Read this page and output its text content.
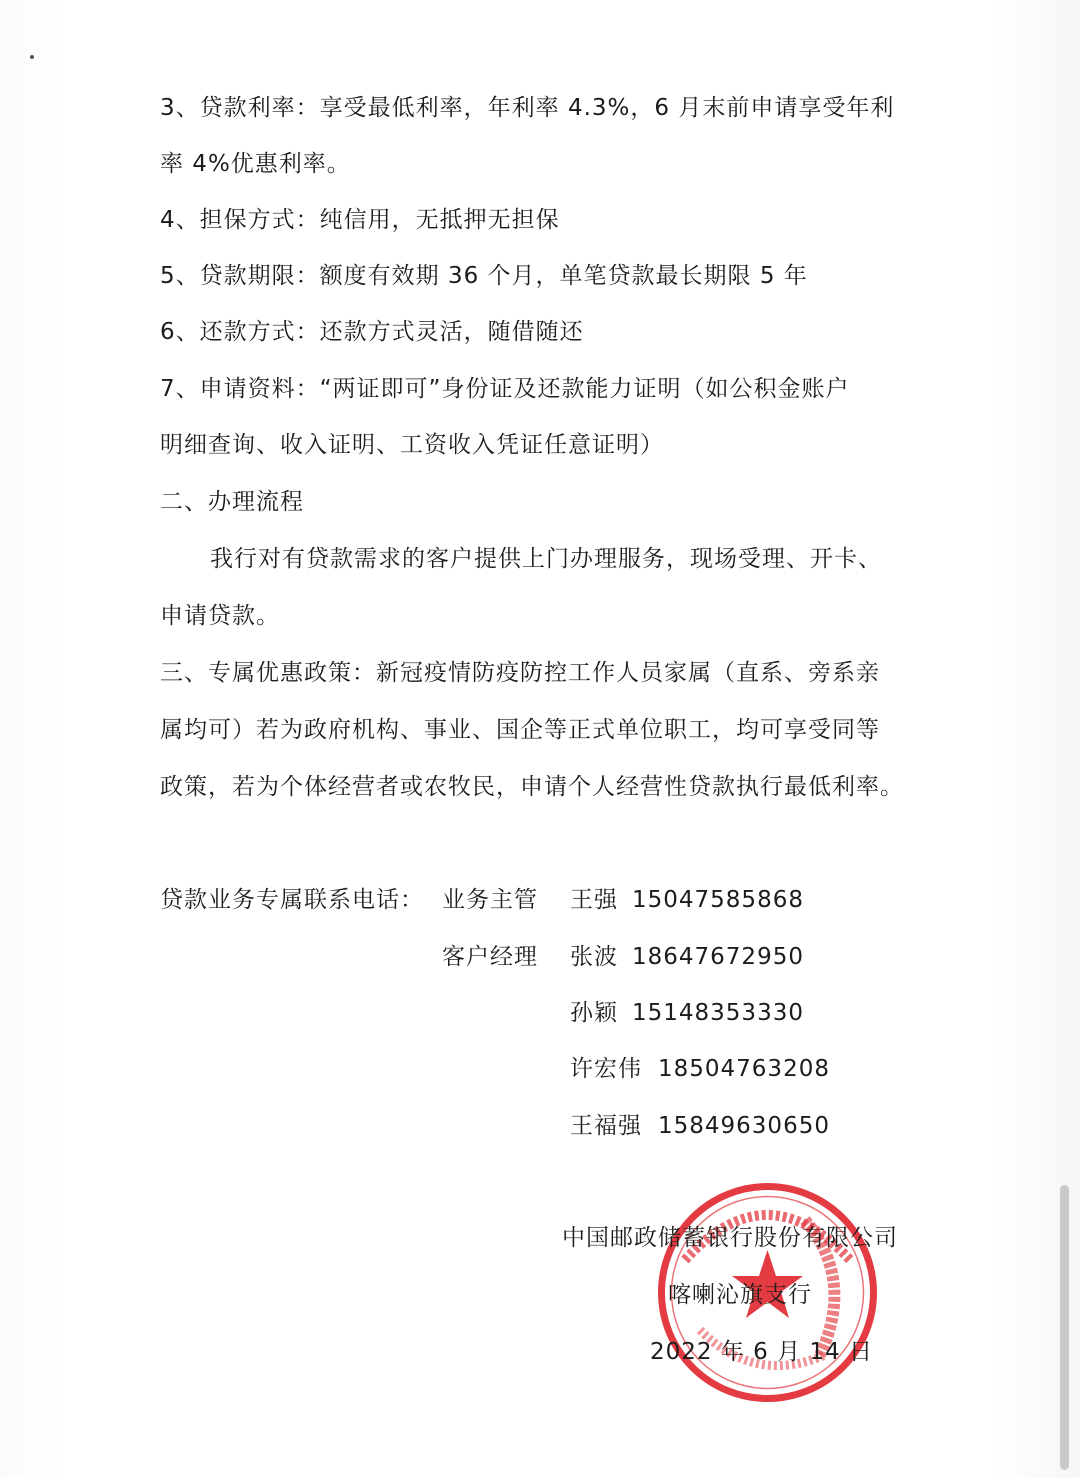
3、贷款利率：享受最低利率，年利率 4.3%，6 月末前申请享受年利
率 4%优惠利率。
4、担保方式：纯信用，无抵押无担保
5、贷款期限：额度有效期 36 个月，单笔贷款最长期限 5 年
6、还款方式：还款方式灵活，随借随还
7、申请资料：“两证即可”身份证及还款能力证明（如公积金账户
明细查询、收入证明、工资收入凭证任意证明）
二、办理流程
我行对有贷款需求的客户提供上门办理服务，现场受理、开卡、
申请贷款。
三、专属优惠政策：新冠疫情防疫防控工作人员家属（直系、旁系亲
属均可）若为政府机构、事业、国企等正式单位职工，均可享受同等
政策，若为个体经营者或农牧民，申请个人经营性贷款执行最低利率。
贷款业务专属联系电话： 业务主管 王强 15047585868
客户经理 张波 18647672950
孙颖 15148353330
许宏伟 18504763208
王福强 15849630650
中国邮政储蓄银行股份有限公司
喀喇沁旗支行
2022 年 6 月 14 日
